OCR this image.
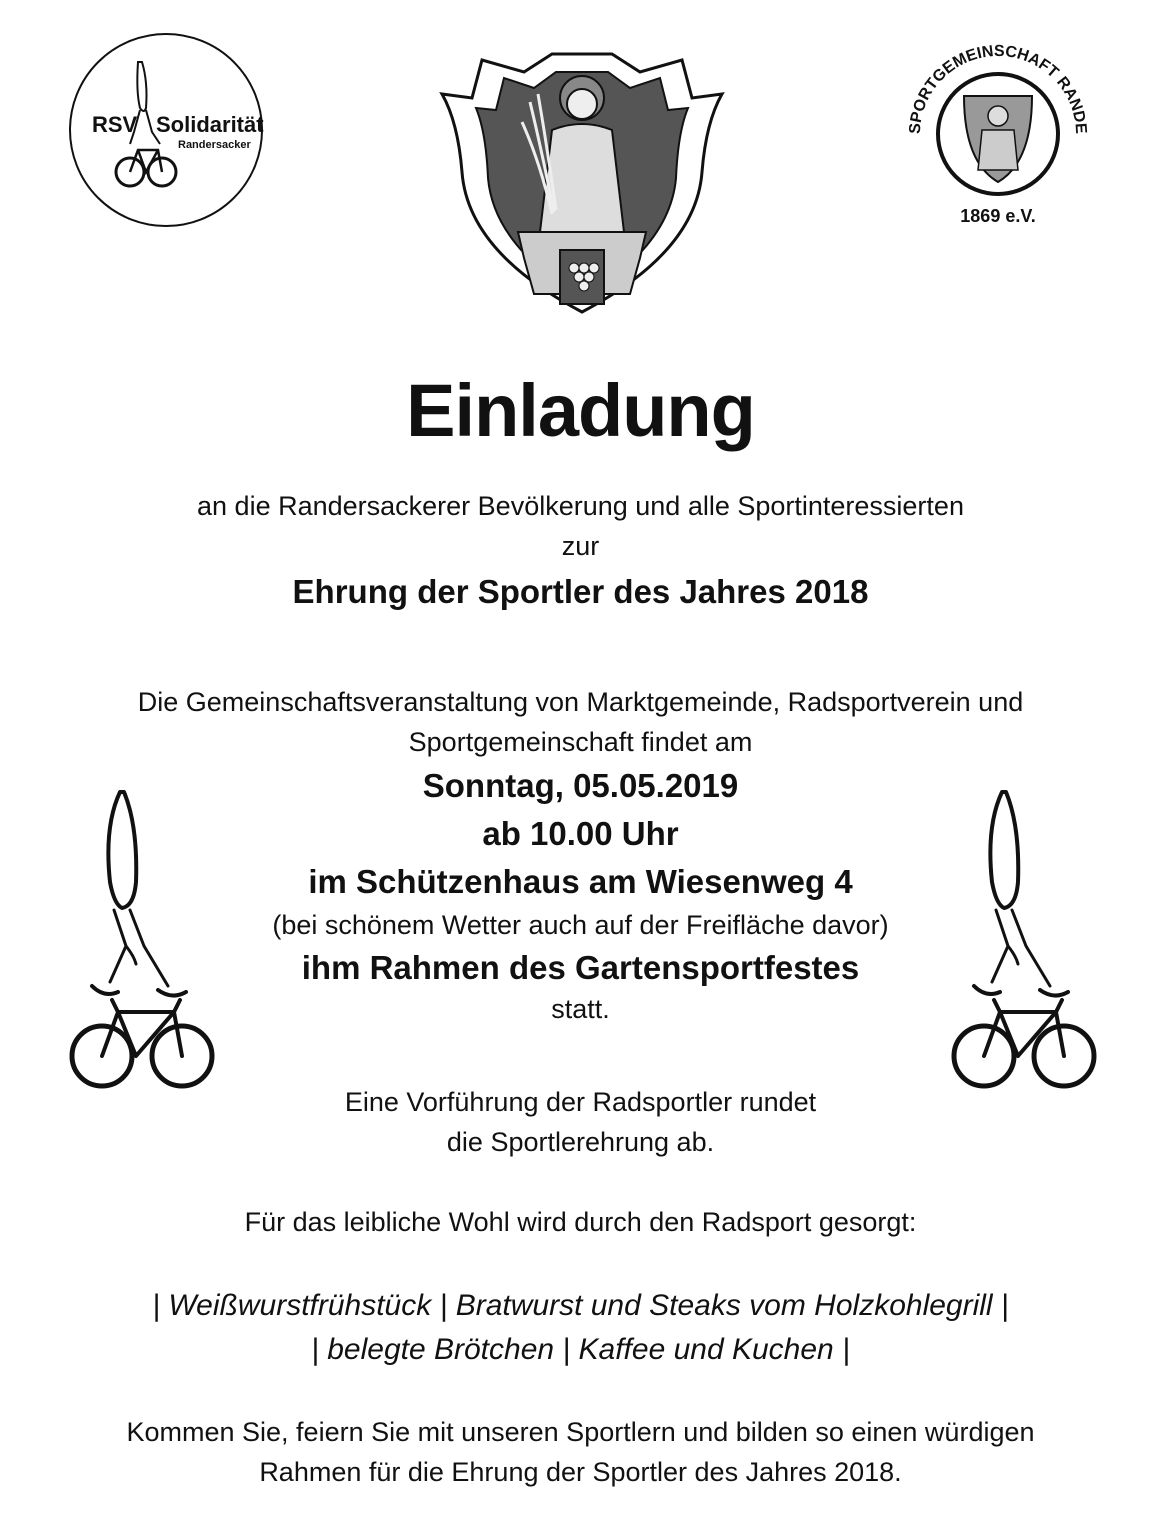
RSV Solidarität
Randersacker
SPORTGEMEINSCHAFT RANDERSACKER
1869 e.V.
Einladung
an die Randersackerer Bevölkerung und alle Sportinteressierten
zur
Ehrung der Sportler des Jahres 2018
Die Gemeinschaftsveranstaltung von Marktgemeinde, Radsportverein und
Sportgemeinschaft findet am
Sonntag, 05.05.2019
ab 10.00 Uhr
im Schützenhaus am Wiesenweg 4
(bei schönem Wetter auch auf der Freifläche davor)
ihm Rahmen des Gartensportfestes
statt.
Eine Vorführung der Radsportler rundet
die Sportlerehrung ab.
Für das leibliche Wohl wird durch den Radsport gesorgt:
| Weißwurstfrühstück | Bratwurst und Steaks vom Holzkohlegrill |
| belegte Brötchen | Kaffee und Kuchen |
Kommen Sie, feiern Sie mit unseren Sportlern und bilden so einen würdigen
Rahmen für die Ehrung der Sportler des Jahres 2018.
